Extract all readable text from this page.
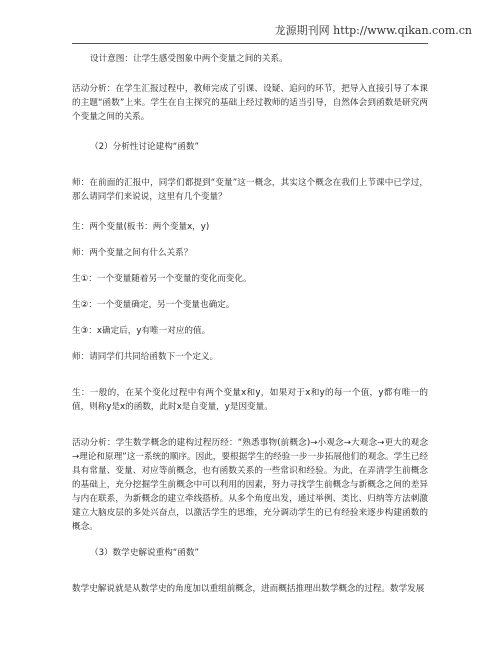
龙源期刊网 http://www.qikan.com.cn

设计意图：让学生感受图象中两个变量之间的关系。

活动分析：在学生汇报过程中，教师完成了引课、设疑、追问的环节，把导入直接引导了本课的主题“函数”上来。学生在自主探究的基础上经过教师的适当引导，自然体会到函数是研究两个变量之间的关系。

（2）分析性讨论建构“函数”

师：在前面的汇报中，同学们都提到“变量”这一概念，其实这个概念在我们上节课中已学过，那么请同学们来说说，这里有几个变量？

生：两个变量(板书：两个变量x，y)

师：两个变量之间有什么关系？

生①：一个变量随着另一个变量的变化而变化。

生②：一个变量确定，另一个变量也确定。

生③：x确定后，y有唯一对应的值。

师：请同学们共同给函数下一个定义。

生：一般的，在某个变化过程中有两个变量x和y，如果对于x和y的每一个值，y都有唯一的值，则称y是x的函数，此时x是自变量，y是因变量。

活动分析：学生数学概念的建构过程历经：“熟悉事物(前概念)→小观念→大观念→更大的观念→理论和原理”这一系统的顺序。因此，要根据学生的经验一步一步拓展他们的观念。学生已经具有常量、变量、对应等前概念，也有函数关系的一些常识和经验。为此，在弄清学生前概念的基础上，充分挖掘学生前概念中可以利用的因素，努力寻找学生前概念与新概念之间的差异与内在联系，为新概念的建立牵线搭桥。从多个角度出发，通过举例、类比、归纳等方法刺激建立大脑皮层的多处兴奋点，以激活学生的思维，充分调动学生的已有经验来逐步构建函数的概念。

（3）数学史解说重构“函数”

数学史解说就是从数学史的角度加以重组前概念，进而概括推理出数学概念的过程。数学发展
